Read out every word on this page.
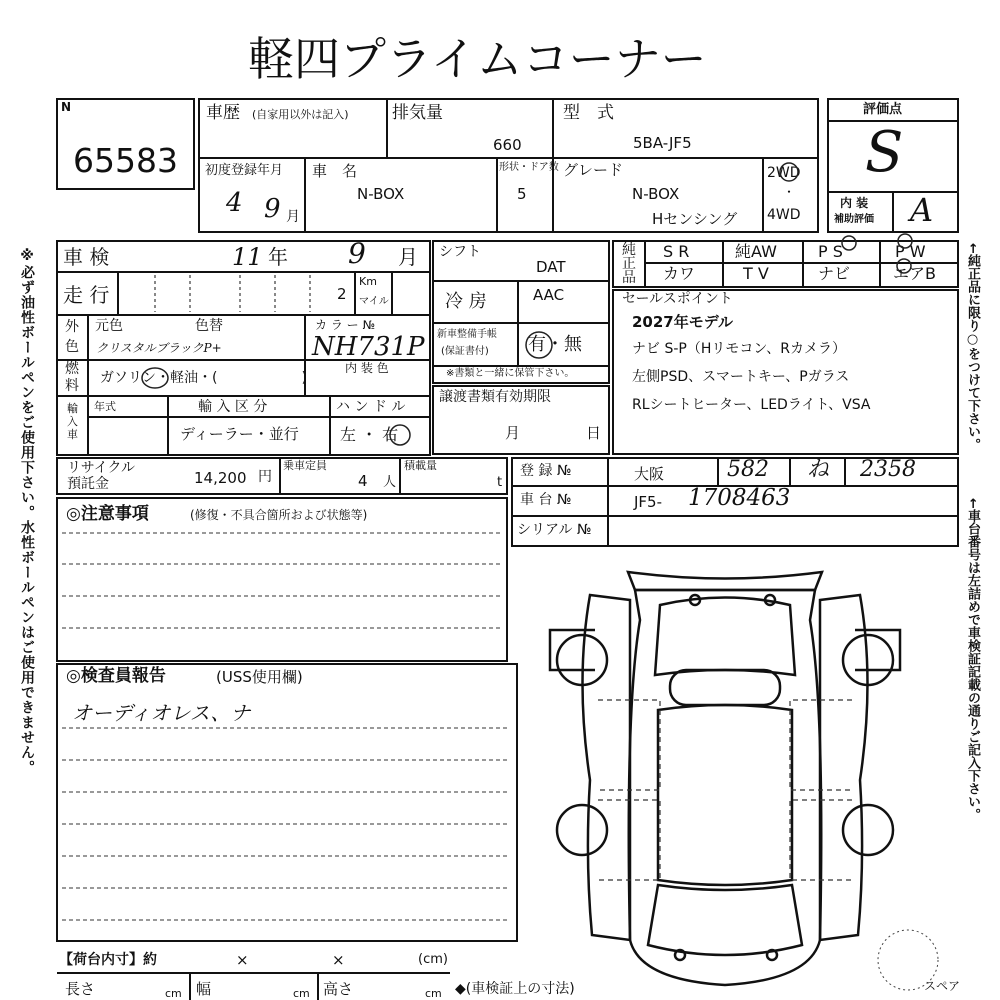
軽四プライムコーナー
N
65583
車歴 (自家用以外は記入)	排気量
660
型　式
5BA-JF5
評価点
S
内 装
補助評価 A
初度登録年月
4 9 月
車　名
N-BOX
形状・ドア数
5
グレード
N-BOX
Hセンシング
2WD
・
4WD
車 検	11 年 9 月
走 行	2
Km
マイル
外
色
元色	色替
クリスタルブラックP+
カ ラ ー №
NH731P
燃
料 ガソリン・軽油・(　　　　　　)
内 装 色
輸入車
年式	輸 入 区 分
ディーラー・並行
ハ ン ド ル
左 ・ 右
シフト
DAT
冷 房	AAC
新車整備手帳
(保証書付) 有・無
※書類と一緒に保管下さい。
譲渡書類有効期限
月	日
純正品
S R	純AW	P S	P W
カワ	T V	ナビ	エアB
セールスポイント
2027年モデル
ナビ S-P（Hリモコン、Rカメラ）
左側PSD、スマートキー、Pガラス
RLシートヒーター、LEDライト、VSA
リサイクル
預託金	14,200 円
乗車定員
4 人
積載量
t
登 録 №	大阪	582 ね 2358
車 台 №	JF5- 1708463
シリアル №
◎注意事項	(修復・不具合箇所および状態等)
◎検査員報告	(USS使用欄)
オーディオレス、ナ
【荷台内寸】約	×	×	(cm)
長さ	cm 幅	cm 高さ	cm ◆(車検証上の寸法)
※必ず油性ボールペンをご使用下さい。水性ボールペンはご使用できません。	←純正品に限り○をつけて下さい。
←車台番号は左詰めで車検証記載の通りご記入下さい。
スペア
